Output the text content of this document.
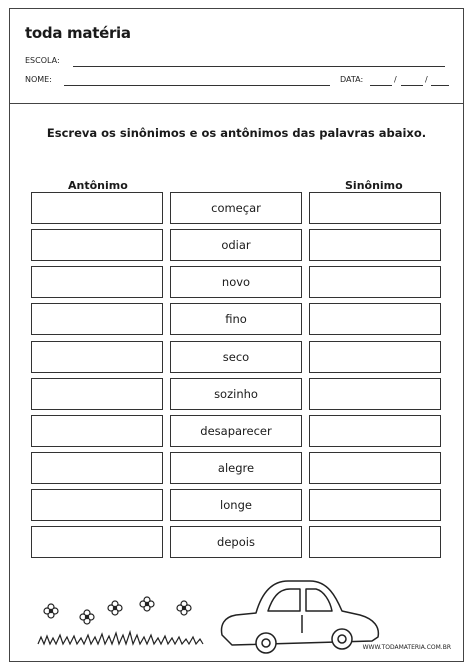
toda matéria
ESCOLA:
NOME:	DATA:	/	/
Escreva os sinônimos e os antônimos das palavras abaixo.
Antônimo	Sinônimo
começar
odiar
novo
fino
seco
sozinho
desaparecer
alegre
longe
depois
WWW.TODAMATERIA.COM.BR
